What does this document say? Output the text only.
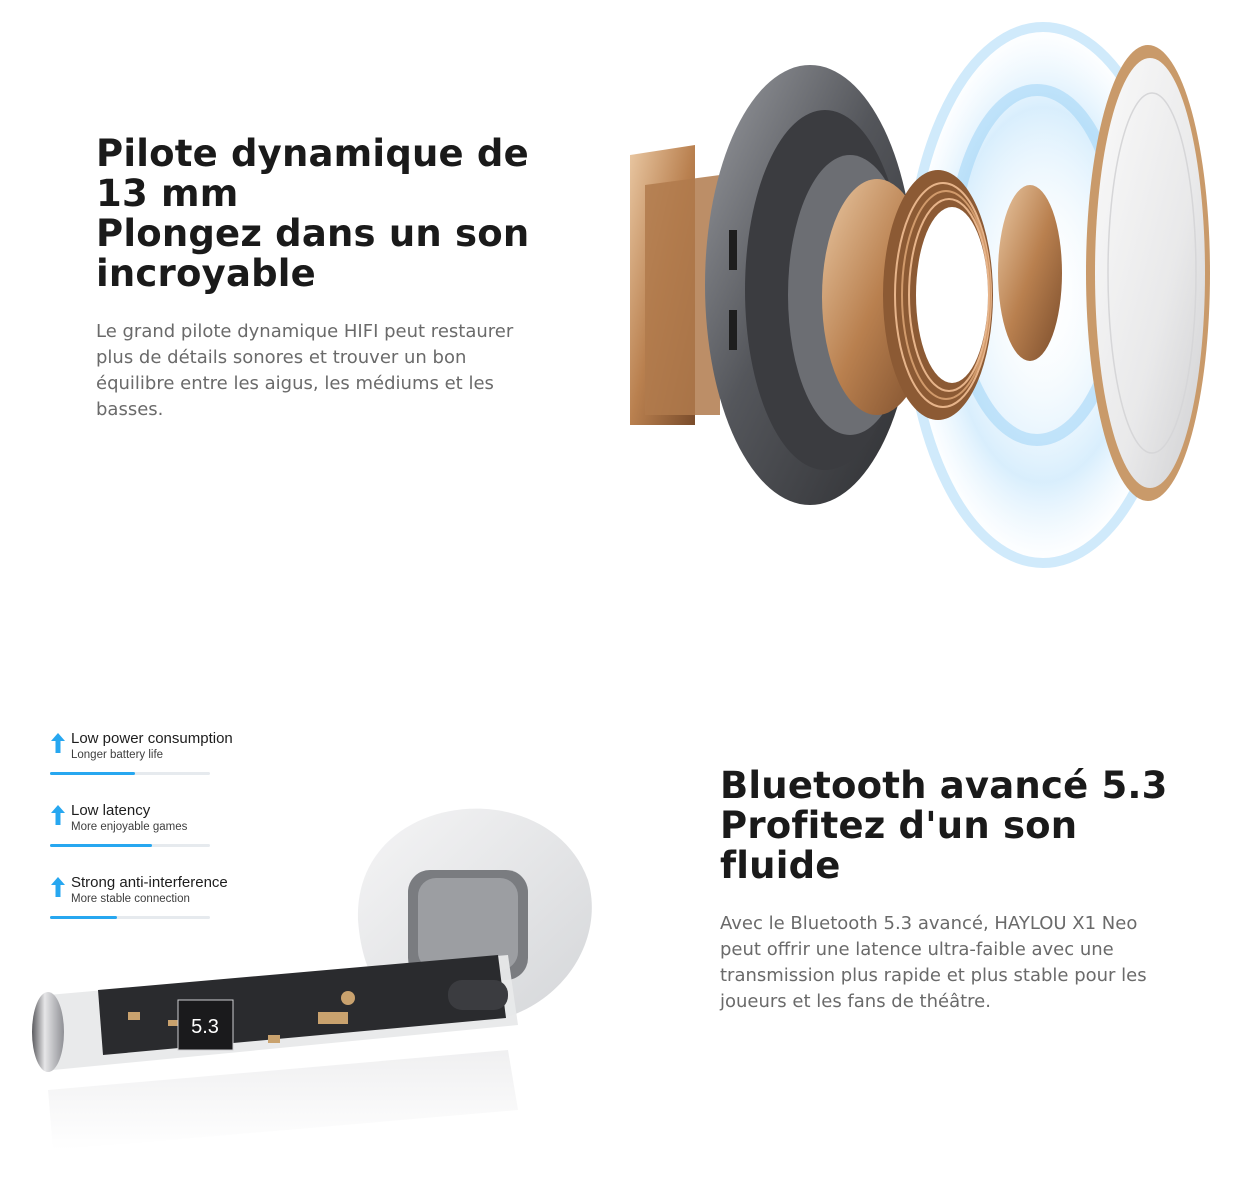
Pilote dynamique de
13 mm
Plongez dans un son
incroyable

Le grand pilote dynamique HIFI peut restaurer plus de détails sonores et trouver un bon équilibre entre les aigus, les médiums et les basses.

5.3
Low power consumption
Longer battery life
Low latency
More enjoyable games
Strong anti-interference
More stable connection
Bluetooth avancé 5.3
Profitez d'un son
fluide

Avec le Bluetooth 5.3 avancé, HAYLOU X1 Neo peut offrir une latence ultra-faible avec une transmission plus rapide et plus stable pour les joueurs et les fans de théâtre.
